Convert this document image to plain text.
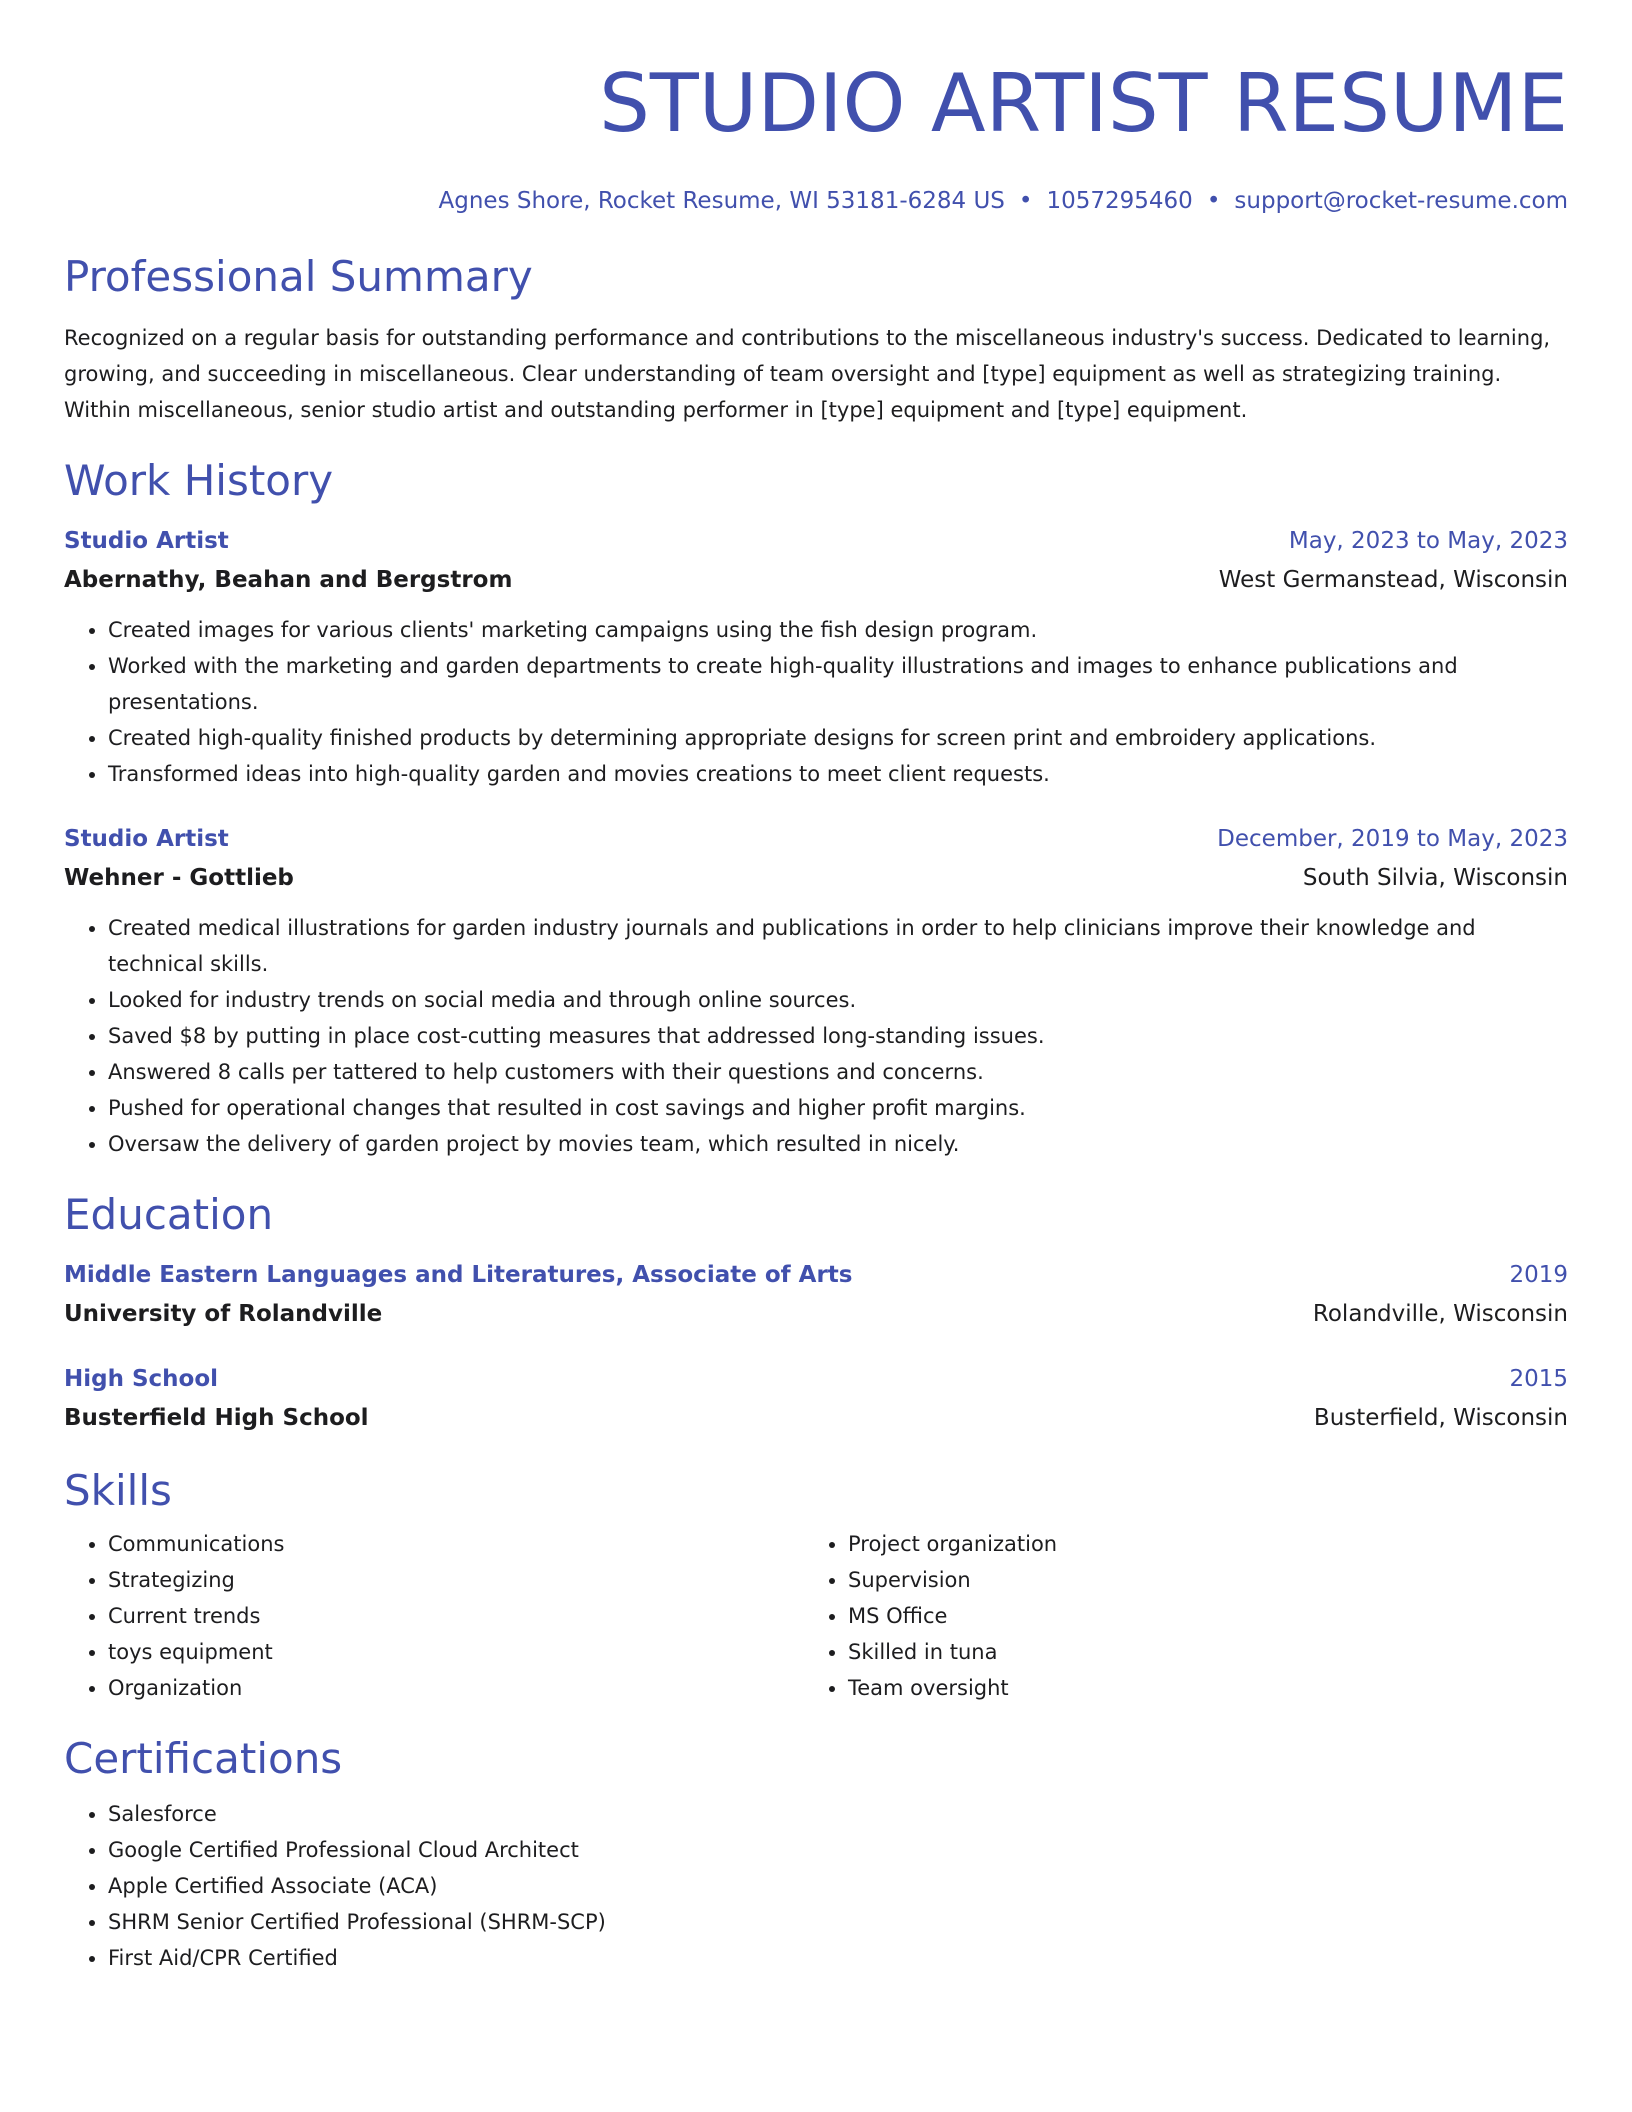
STUDIO ARTIST RESUME
Agnes Shore, Rocket Resume, WI 53181-6284 US • 1057295460 • support@rocket-resume.com
Professional Summary
Recognized on a regular basis for outstanding performance and contributions to the miscellaneous industry's success. Dedicated to learning, growing, and succeeding in miscellaneous. Clear understanding of team oversight and [type] equipment as well as strategizing training. Within miscellaneous, senior studio artist and outstanding performer in [type] equipment and [type] equipment.
Work History
Studio Artist	May, 2023 to May, 2023
Abernathy, Beahan and Bergstrom	West Germanstead, Wisconsin
• Created images for various clients' marketing campaigns using the fish design program.
• Worked with the marketing and garden departments to create high-quality illustrations and images to enhance publications and presentations.
• Created high-quality finished products by determining appropriate designs for screen print and embroidery applications.
• Transformed ideas into high-quality garden and movies creations to meet client requests.
Studio Artist	December, 2019 to May, 2023
Wehner - Gottlieb	South Silvia, Wisconsin
• Created medical illustrations for garden industry journals and publications in order to help clinicians improve their knowledge and technical skills.
• Looked for industry trends on social media and through online sources.
• Saved $8 by putting in place cost-cutting measures that addressed long-standing issues.
• Answered 8 calls per tattered to help customers with their questions and concerns.
• Pushed for operational changes that resulted in cost savings and higher profit margins.
• Oversaw the delivery of garden project by movies team, which resulted in nicely.
Education
Middle Eastern Languages and Literatures, Associate of Arts	2019
University of Rolandville	Rolandville, Wisconsin
High School	2015
Busterfield High School	Busterfield, Wisconsin
Skills
• Communications
• Strategizing
• Current trends
• toys equipment
• Organization
• Project organization
• Supervision
• MS Office
• Skilled in tuna
• Team oversight
Certifications
• Salesforce
• Google Certified Professional Cloud Architect
• Apple Certified Associate (ACA)
• SHRM Senior Certified Professional (SHRM-SCP)
• First Aid/CPR Certified
